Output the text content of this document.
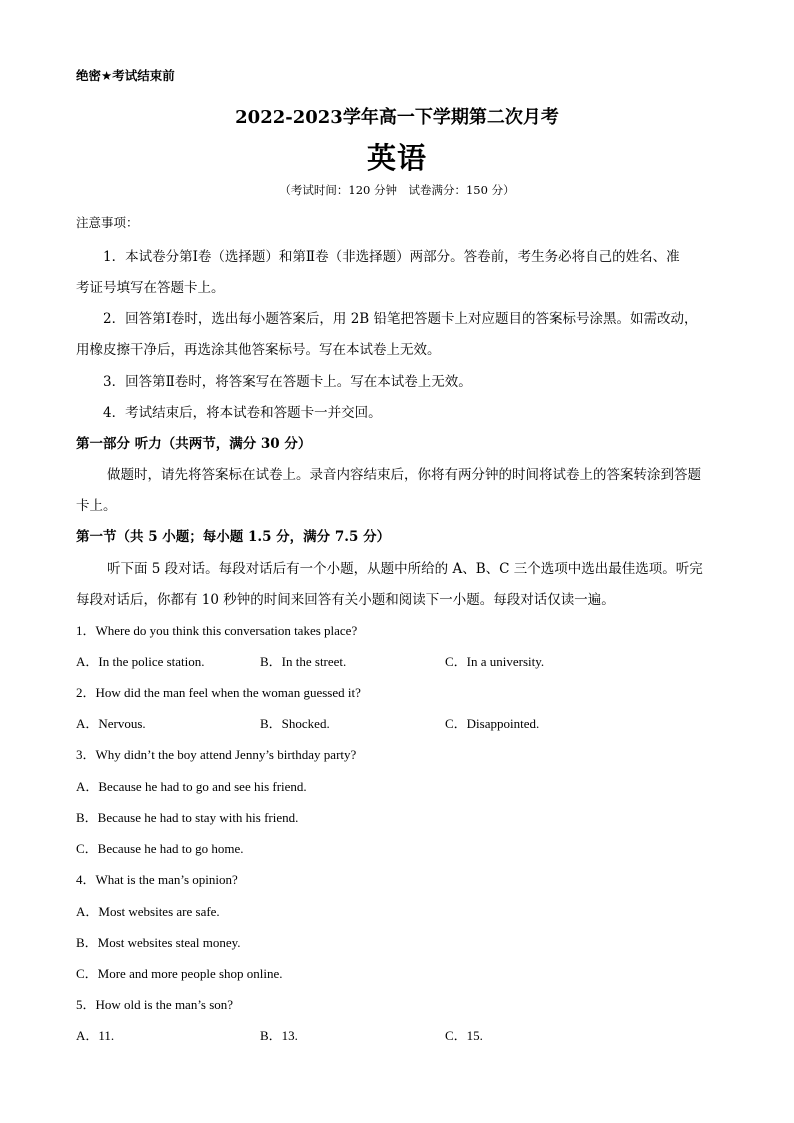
绝密★考试结束前
2022-2023学年高一下学期第二次月考
英语
（考试时间：120 分钟　试卷满分：150 分）
注意事项：
1．本试卷分第Ⅰ卷（选择题）和第Ⅱ卷（非选择题）两部分。答卷前，考生务必将自己的姓名、准
考证号填写在答题卡上。
2．回答第Ⅰ卷时，选出每小题答案后，用 2B 铅笔把答题卡上对应题目的答案标号涂黑。如需改动，
用橡皮擦干净后，再选涂其他答案标号。写在本试卷上无效。
3．回答第Ⅱ卷时，将答案写在答题卡上。写在本试卷上无效。
4．考试结束后，将本试卷和答题卡一并交回。
第一部分 听力（共两节，满分 30 分）
做题时，请先将答案标在试卷上。录音内容结束后，你将有两分钟的时间将试卷上的答案转涂到答题
卡上。
第一节（共 5 小题；每小题 1.5 分，满分 7.5 分）
听下面 5 段对话。每段对话后有一个小题，从题中所给的 A、B、C 三个选项中选出最佳选项。听完
每段对话后，你都有 10 秒钟的时间来回答有关小题和阅读下一小题。每段对话仅读一遍。
1．Where do you think this conversation takes place?
A．In the police station.	B．In the street.	C．In a university.
2．How did the man feel when the woman guessed it?
A．Nervous.	B．Shocked.	C．Disappointed.
3．Why didn’t the boy attend Jenny’s birthday party?
A．Because he had to go and see his friend.
B．Because he had to stay with his friend.
C．Because he had to go home.
4．What is the man’s opinion?
A．Most websites are safe.
B．Most websites steal money.
C．More and more people shop online.
5．How old is the man’s son?
A．11.	B．13.	C．15.
